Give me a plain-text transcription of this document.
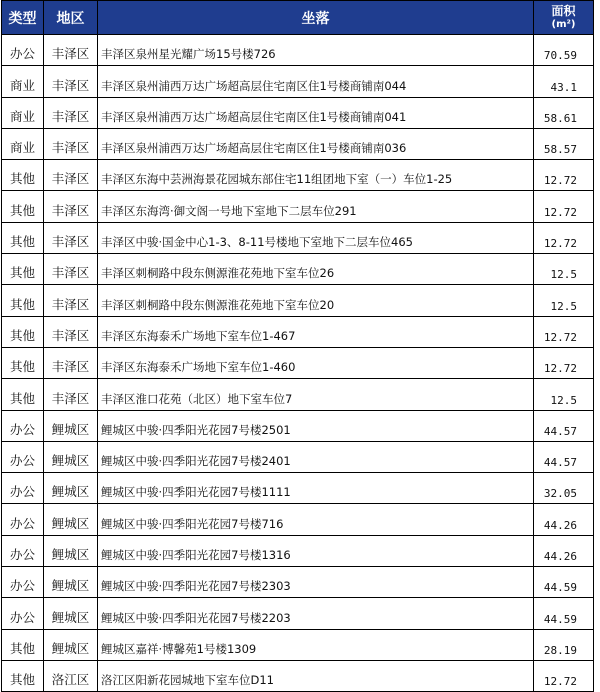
类型	地区	坐落	面积
(m²)

办公	丰泽区	丰泽区泉州星光耀广场15号楼726	70.59
商业	丰泽区	丰泽区泉州浦西万达广场超高层住宅南区住1号楼商铺南044	43.1
商业	丰泽区	丰泽区泉州浦西万达广场超高层住宅南区住1号楼商铺南041	58.61
商业	丰泽区	丰泽区泉州浦西万达广场超高层住宅南区住1号楼商铺南036	58.57
其他	丰泽区	丰泽区东海中芸洲海景花园城东部住宅11组团地下室（一）车位1-25	12.72
其他	丰泽区	丰泽区东海湾·御文阁一号地下室地下二层车位291	12.72
其他	丰泽区	丰泽区中骏·国金中心1-3、8-11号楼地下室地下二层车位465	12.72
其他	丰泽区	丰泽区刺桐路中段东侧源淮花苑地下室车位26	12.5
其他	丰泽区	丰泽区刺桐路中段东侧源淮花苑地下室车位20	12.5
其他	丰泽区	丰泽区东海泰禾广场地下室车位1-467	12.72
其他	丰泽区	丰泽区东海泰禾广场地下室车位1-460	12.72
其他	丰泽区	丰泽区淮口花苑（北区）地下室车位7	12.5
办公	鲤城区	鲤城区中骏·四季阳光花园7号楼2501	44.57
办公	鲤城区	鲤城区中骏·四季阳光花园7号楼2401	44.57
办公	鲤城区	鲤城区中骏·四季阳光花园7号楼1111	32.05
办公	鲤城区	鲤城区中骏·四季阳光花园7号楼716	44.26
办公	鲤城区	鲤城区中骏·四季阳光花园7号楼1316	44.26
办公	鲤城区	鲤城区中骏·四季阳光花园7号楼2303	44.59
办公	鲤城区	鲤城区中骏·四季阳光花园7号楼2203	44.59
其他	鲤城区	鲤城区嘉祥·博馨苑1号楼1309	28.19
其他	洛江区	洛江区阳新花园城地下室车位D11	12.72
